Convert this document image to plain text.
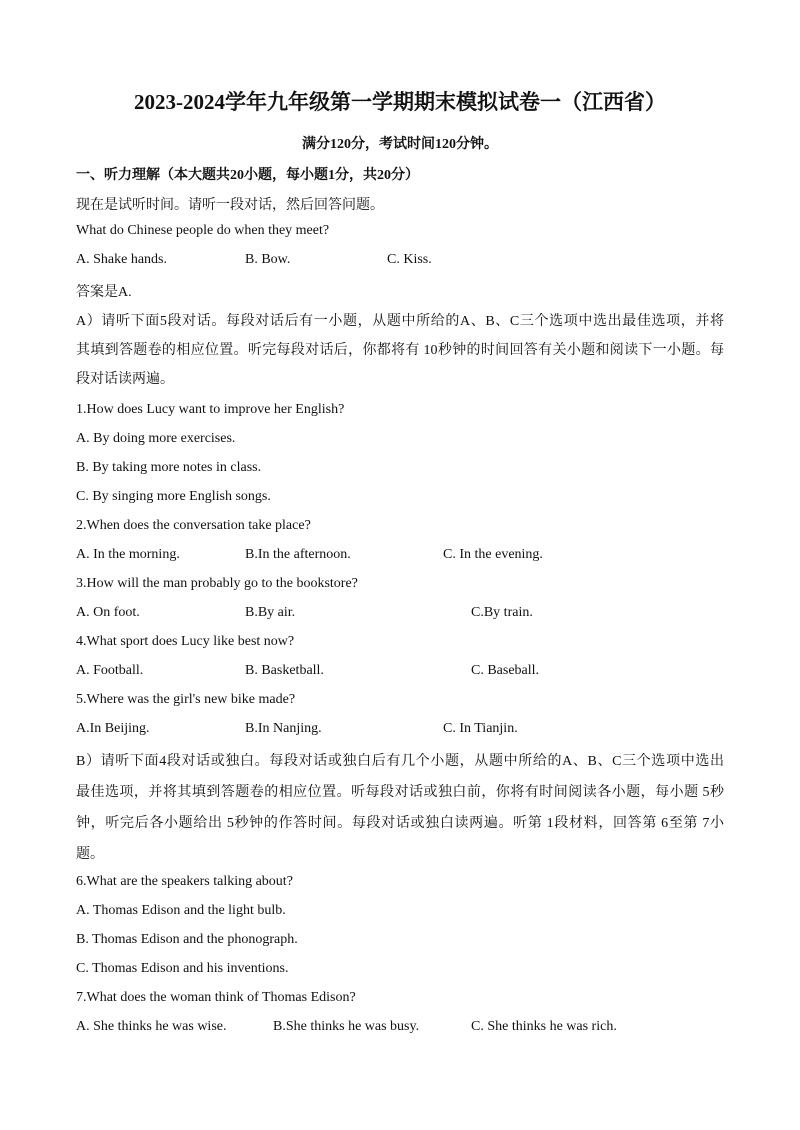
2023-2024学年九年级第一学期期末模拟试卷一（江西省）
满分120分，考试时间120分钟。
一、听力理解（本大题共20小题，每小题1分，共20分）
现在是试听时间。请听一段对话，然后回答问题。
What do Chinese people do when they meet?
A. Shake hands.	B. Bow.	C. Kiss.
答案是A.
A）请听下面5段对话。每段对话后有一小题，从题中所给的A、B、C三个选项中选出最佳选项，并将
其填到答题卷的相应位置。听完每段对话后，你都将有 10秒钟的时间回答有关小题和阅读下一小题。每
段对话读两遍。
1.How does Lucy want to improve her English?
A. By doing more exercises.
B. By taking more notes in class.
C. By singing more English songs.
2.When does the conversation take place?
A. In the morning.	B.In the afternoon.	C. In the evening.
3.How will the man probably go to the bookstore?
A. On foot.	B.By air.	C.By train.
4.What sport does Lucy like best now?
A. Football.	B. Basketball.	C. Baseball.
5.Where was the girl's new bike made?
A.In Beijing.	B.In Nanjing.	C. In Tianjin.
B）请听下面4段对话或独白。每段对话或独白后有几个小题，从题中所给的A、B、C三个选项中选出
最佳选项，并将其填到答题卷的相应位置。听每段对话或独白前，你将有时间阅读各小题，每小题 5秒
钟，听完后各小题给出 5秒钟的作答时间。每段对话或独白读两遍。听第 1段材料，回答第 6至第 7小
题。
6.What are the speakers talking about?
A. Thomas Edison and the light bulb.
B. Thomas Edison and the phonograph.
C. Thomas Edison and his inventions.
7.What does the woman think of Thomas Edison?
A. She thinks he was wise.	B.She thinks he was busy.	C. She thinks he was rich.
